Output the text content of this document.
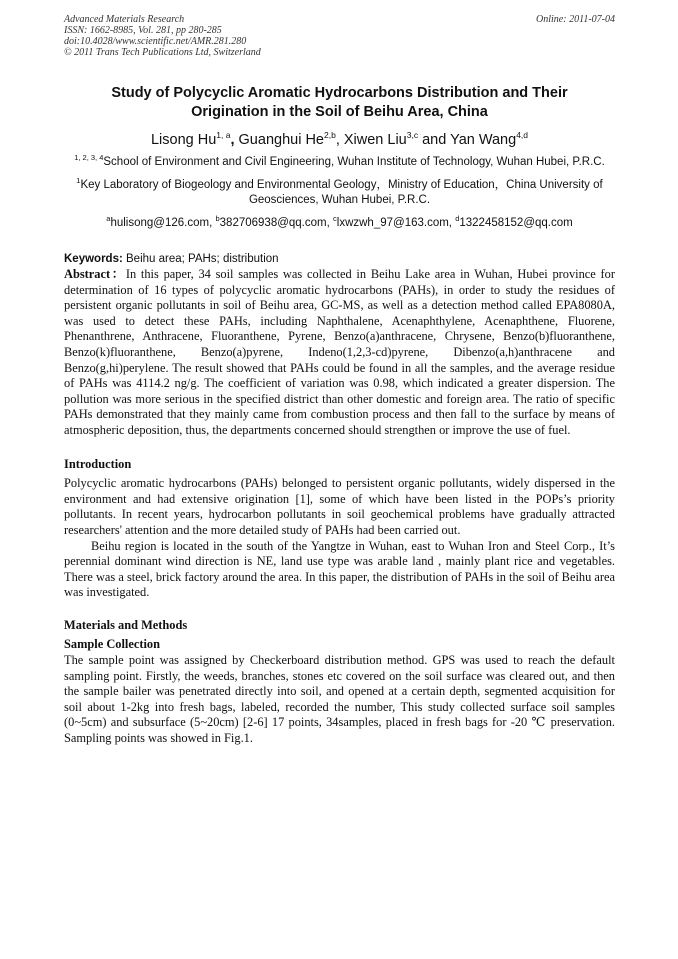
Advanced Materials Research
ISSN: 1662-8985, Vol. 281, pp 280-285
doi:10.4028/www.scientific.net/AMR.281.280
© 2011 Trans Tech Publications Ltd, Switzerland
Online: 2011-07-04
Study of Polycyclic Aromatic Hydrocarbons Distribution and Their
Origination in the Soil of Beihu Area, China
Lisong Hu$^{1, a}$, Guanghui He$^{2,b}$, Xiwen Liu$^{3,c}$ and Yan Wang$^{4,d}$
$^{1, 2, 3, 4}$School of Environment and Civil Engineering, Wuhan Institute of Technology, Wuhan Hubei, P.R.C.
$^1$Key Laboratory of Biogeology and Environmental Geology，Ministry of Education，China University of Geosciences, Wuhan Hubei, P.R.C.
$^a$hulisong@126.com, $^b$382706938@qq.com, $^c$lxwzwh_97@163.com, $^d$1322458152@qq.com
Keywords: Beihu area; PAHs; distribution

Abstract：In this paper, 34 soil samples was collected in Beihu Lake area in Wuhan, Hubei province for determination of 16 types of polycyclic aromatic hydrocarbons (PAHs), in order to study the residues of persistent organic pollutants in soil of Beihu area, GC-MS, as well as a detection method called EPA8080A, was used to detect these PAHs, including Naphthalene, Acenaphthylene, Acenaphthene, Fluorene, Phenanthrene, Anthracene, Fluoranthene, Pyrene, Benzo(a)anthracene, Chrysene, Benzo(b)fluoranthene, Benzo(k)fluoranthene, Benzo(a)pyrene, Indeno(1,2,3-cd)pyrene, Dibenzo(a,h)anthracene and Benzo(g,hi)perylene. The result showed that PAHs could be found in all the samples, and the average residue of PAHs was 4114.2 ng/g. The coefficient of variation was 0.98, which indicated a greater dispersion. The pollution was more serious in the specified district than other domestic and foreign area. The ratio of specific PAHs demonstrated that they mainly came from combustion process and then fall to the surface by means of atmospheric deposition, thus, the departments concerned should strengthen or improve the use of fuel.

Introduction

Polycyclic aromatic hydrocarbons (PAHs) belonged to persistent organic pollutants, widely dispersed in the environment and had extensive origination [1], some of which have been listed in the POPs’s priority pollutants. In recent years, hydrocarbon pollutants in soil geochemical problems have gradually attracted researchers' attention and the more detailed study of PAHs had been carried out.

Beihu region is located in the south of the Yangtze in Wuhan, east to Wuhan Iron and Steel Corp., It’s perennial dominant wind direction is NE, land use type was arable land , mainly plant rice and vegetables. There was a steel, brick factory around the area. In this paper, the distribution of PAHs in the soil of Beihu area was investigated.

Materials and Methods
Sample Collection

The sample point was assigned by Checkerboard distribution method. GPS was used to reach the default sampling point. Firstly, the weeds, branches, stones etc covered on the soil surface was cleared out, and then the sample bailer was penetrated directly into soil, and opened at a certain depth, segmented acquisition for soil about 1-2kg into fresh bags, labeled, recorded the number, This study collected surface soil samples (0~5cm) and subsurface (5~20cm) [2-6] 17 points, 34samples, placed in fresh bags for -20 ℃ preservation. Sampling points was showed in Fig.1.
